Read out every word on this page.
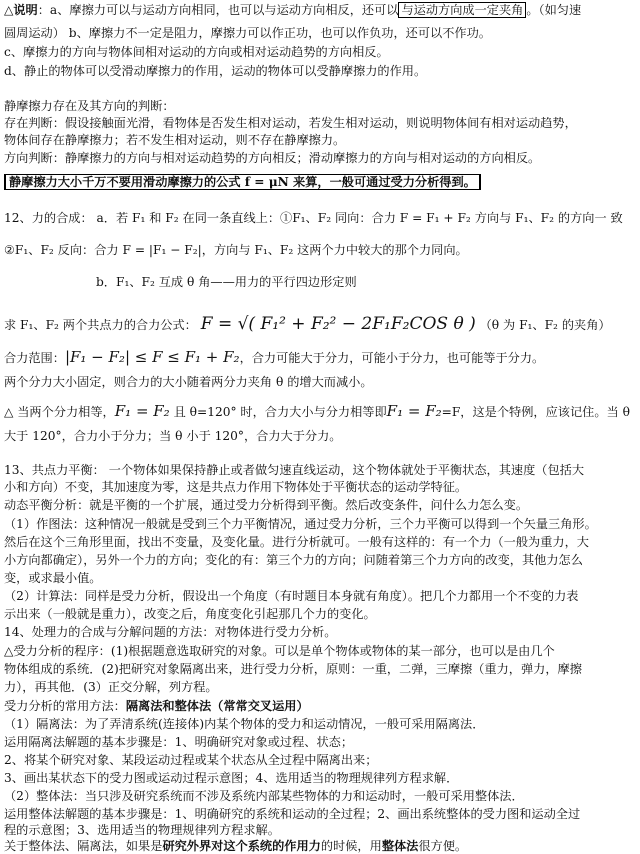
△说明：a、摩擦力可以与运动方向相同，也可以与运动方向相反，还可以 与运动方向成一定夹角 。（如匀速
圆周运动） b、摩擦力不一定是阻力，摩擦力可以作正功，也可以作负功，还可以不作功。
c、摩擦力的方向与物体间相对运动的方向或相对运动趋势的方向相反。
d、静止的物体可以受滑动摩擦力的作用，运动的物体可以受静摩擦力的作用。
静摩擦力存在及其方向的判断：
存在判断：假设接触面光滑，看物体是否发生相对运动，若发生相对运动，则说明物体间有相对运动趋势，
物体间存在静摩擦力；若不发生相对运动，则不存在静摩擦力。
方向判断：静摩擦力的方向与相对运动趋势的方向相反；滑动摩擦力的方向与相对运动的方向相反。
静摩擦力大小千万不要用滑动摩擦力的公式 f = μN 来算，一般可通过受力分析得到。
12、力的合成： a．若 F₁ 和 F₂ 在同一条直线上：①F₁、F₂ 同向：合力 F = F₁ + F₂ 方向与 F₁、F₂ 的方向一 致
②F₁、F₂ 反向：合力 F = |F₁ − F₂|，方向与 F₁、F₂ 这两个力中较大的那个力同向。
b．F₁、F₂ 互成 θ 角——用力的平行四边形定则
求 F₁、F₂ 两个共点力的合力公式： F = √( F₁² + F₂² − 2F₁F₂COS θ ) （θ 为 F₁、F₂ 的夹角）
合力范围：|F₁ − F₂| ≤ F ≤ F₁ + F₂，合力可能大于分力，可能小于分力，也可能等于分力。
两个分力大小固定，则合力的大小随着两分力夹角 θ 的增大而减小。
△ 当两个分力相等，F₁ = F₂ 且 θ=120° 时，合力大小与分力相等即F₁ = F₂=F，这是个特例，应该记住。当 θ
大于 120°，合力小于分力；当 θ 小于 120°，合力大于分力。
13、共点力平衡： 一个物体如果保持静止或者做匀速直线运动，这个物体就处于平衡状态，其速度（包括大
小和方向）不变，其加速度为零，这是共点力作用下物体处于平衡状态的运动学特征。
动态平衡分析：就是平衡的一个扩展，通过受力分析得到平衡。然后改变条件，问什么力怎么变。
（1）作图法：这种情况一般就是受到三个力平衡情况，通过受力分析，三个力平衡可以得到一个矢量三角形。
然后在这个三角形里面，找出不变量，及变化量。进行分析就可。一般有这样的：有一个力（一般为重力，大
小方向都确定），另外一个力的方向；变化的有：第三个力的方向；问随着第三个力方向的改变，其他力怎么
变，或求最小值。
（2）计算法：同样是受力分析，假设出一个角度（有时题目本身就有角度）。把几个力都用一个不变的力表
示出来（一般就是重力），改变之后，角度变化引起那几个力的变化。
14、处理力的合成与分解问题的方法：对物体进行受力分析。
△受力分析的程序：(1)根据题意选取研究的对象。可以是单个物体或物体的某一部分，也可以是由几个
物体组成的系统．(2)把研究对象隔离出来，进行受力分析，原则：一重，二弹，三摩擦（重力，弹力，摩擦
力），再其他．(3）正交分解，列方程。
受力分析的常用方法：隔离法和整体法（常常交叉运用）
（1）隔离法：为了弄清系统(连接体)内某个物体的受力和运动情况，一般可采用隔离法．
运用隔离法解题的基本步骤是：1、明确研究对象或过程、状态；
2、将某个研究对象、某段运动过程或某个状态从全过程中隔离出来；
3、画出某状态下的受力图或运动过程示意图；4、选用适当的物理规律列方程求解．
（2）整体法：当只涉及研究系统而不涉及系统内部某些物体的力和运动时，一般可采用整体法．
运用整体法解题的基本步骤是：1、明确研究的系统和运动的全过程；2、画出系统整体的受力图和运动全过
程的示意图；3、选用适当的物理规律列方程求解。
关于整体法、隔离法，如果是研究外界对这个系统的作用力的时候，用整体法很方便。
